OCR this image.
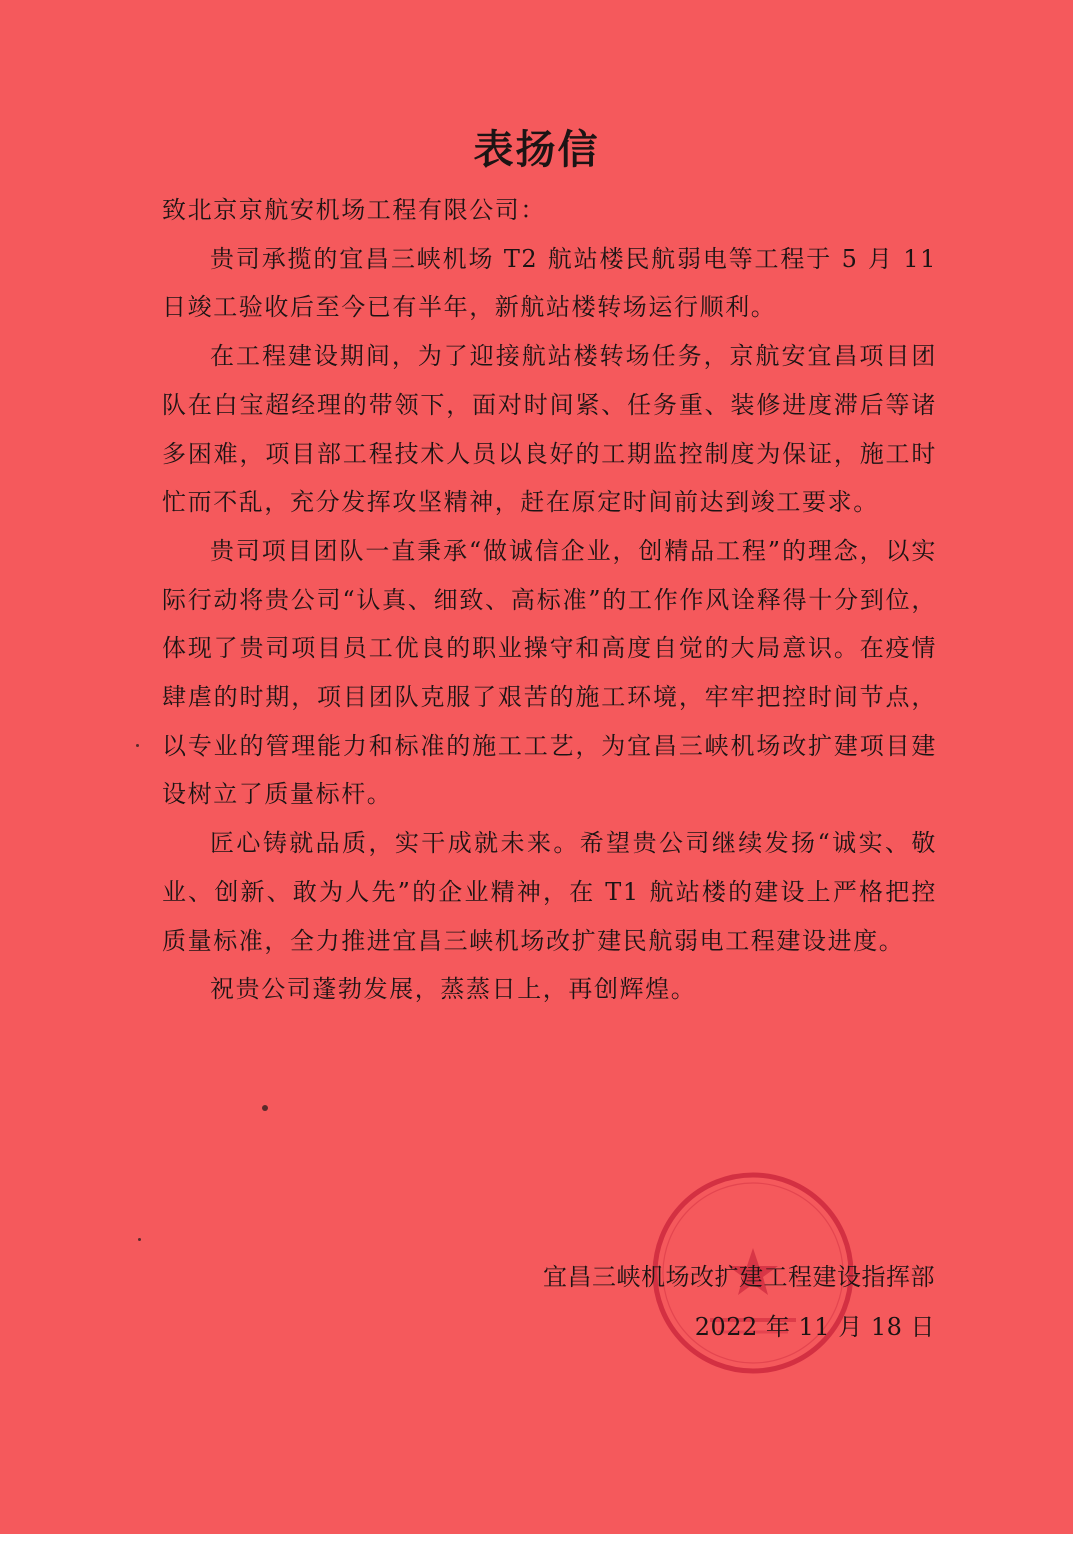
表扬信

致北京京航安机场工程有限公司：

贵司承揽的宜昌三峡机场 T2 航站楼民航弱电等工程于 5 月 11 日竣工验收后至今已有半年，新航站楼转场运行顺利。

在工程建设期间，为了迎接航站楼转场任务，京航安宜昌项目团队在白宝超经理的带领下，面对时间紧、任务重、装修进度滞后等诸多困难，项目部工程技术人员以良好的工期监控制度为保证，施工时忙而不乱，充分发挥攻坚精神，赶在原定时间前达到竣工要求。

贵司项目团队一直秉承“做诚信企业，创精品工程”的理念，以实际行动将贵公司“认真、细致、高标准”的工作作风诠释得十分到位，体现了贵司项目员工优良的职业操守和高度自觉的大局意识。在疫情肆虐的时期，项目团队克服了艰苦的施工环境，牢牢把控时间节点，以专业的管理能力和标准的施工工艺，为宜昌三峡机场改扩建项目建设树立了质量标杆。

匠心铸就品质，实干成就未来。希望贵公司继续发扬“诚实、敬业、创新、敢为人先”的企业精神，在 T1 航站楼的建设上严格把控质量标准，全力推进宜昌三峡机场改扩建民航弱电工程建设进度。

祝贵公司蓬勃发展，蒸蒸日上，再创辉煌。

宜昌三峡机场改扩建工程建设指挥部
2022 年 11 月 18 日
